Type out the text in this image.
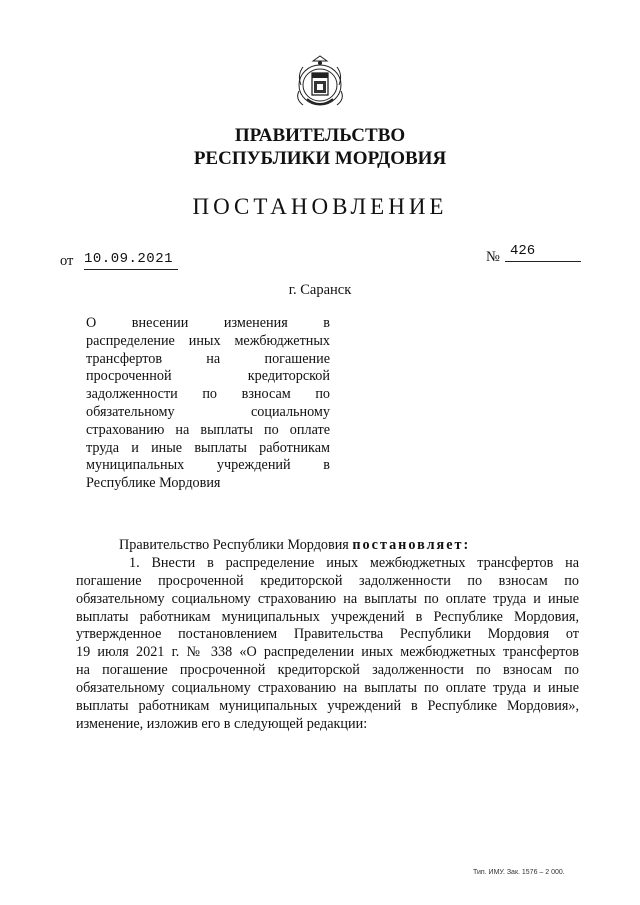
ПРАВИТЕЛЬСТВО
РЕСПУБЛИКИ МОРДОВИЯ
ПОСТАНОВЛЕНИЕ
от 10.09.2021	№ 426
г. Саранск
О внесении изменения в
распределение иных межбюджетных
трансфертов на погашение
просроченной кредиторской
задолженности по взносам по
обязательному социальному
страхованию на выплаты по оплате
труда и иные выплаты работникам
муниципальных учреждений в
Республике Мордовия
Правительство Республики Мордовия постановляет:
1. Внести в распределение иных межбюджетных трансфертов на
погашение просроченной кредиторской задолженности по взносам по
обязательному социальному страхованию на выплаты по оплате труда и иные
выплаты работникам муниципальных учреждений в Республике Мордовия,
утвержденное постановлением Правительства Республики Мордовия от
19 июля 2021 г. № 338 «О распределении иных межбюджетных трансфертов
на погашение просроченной кредиторской задолженности по взносам по
обязательному социальному страхованию на выплаты по оплате труда и иные
выплаты работникам муниципальных учреждений в Республике Мордовия»,
изменение, изложив его в следующей редакции:
Тип. ИМУ. Зак. 1576 – 2 000.
